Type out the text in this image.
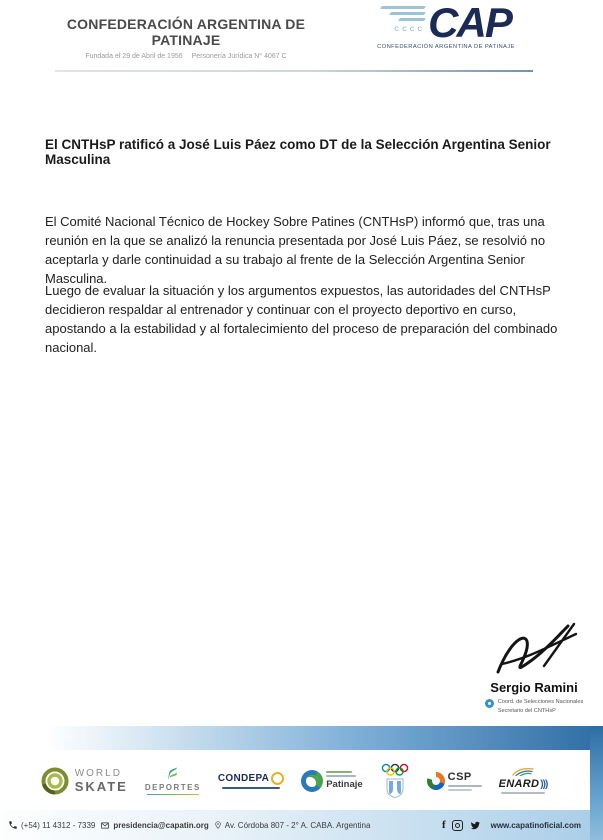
CONFEDERACIÓN ARGENTINA DE PATINAJE
Fundada el 29 de Abril de 1956 Personería Jurídica N° 4067 C
CCCC CAP
CONFEDERACIÓN ARGENTINA DE PATINAJE
El CNTHsP ratificó a José Luis Páez como DT de la Selección Argentina Senior Masculina

El Comité Nacional Técnico de Hockey Sobre Patines (CNTHsP) informó que, tras una reunión en la que se analizó la renuncia presentada por José Luis Páez, se resolvió no aceptarla y darle continuidad a su trabajo al frente de la Selección Argentina Senior Masculina.

Luego de evaluar la situación y los argumentos expuestos, las autoridades del CNTHsP decidieron respaldar al entrenador y continuar con el proyecto deportivo en curso, apostando a la estabilidad y al fortalecimiento del proceso de preparación del combinado nacional.

Sergio Ramini
Coord. de Selecciones Nacionales
Secretario del CNTHsP
WORLD
SKATE DEPORTES
CONDEPA
Patinaje
CSP
ENARD )))
(+54) 11 4312 - 7339 presidencia@capatin.org Av. Córdoba 807 - 2° A. CABA. Argentina	f	www.capatinoficial.com
